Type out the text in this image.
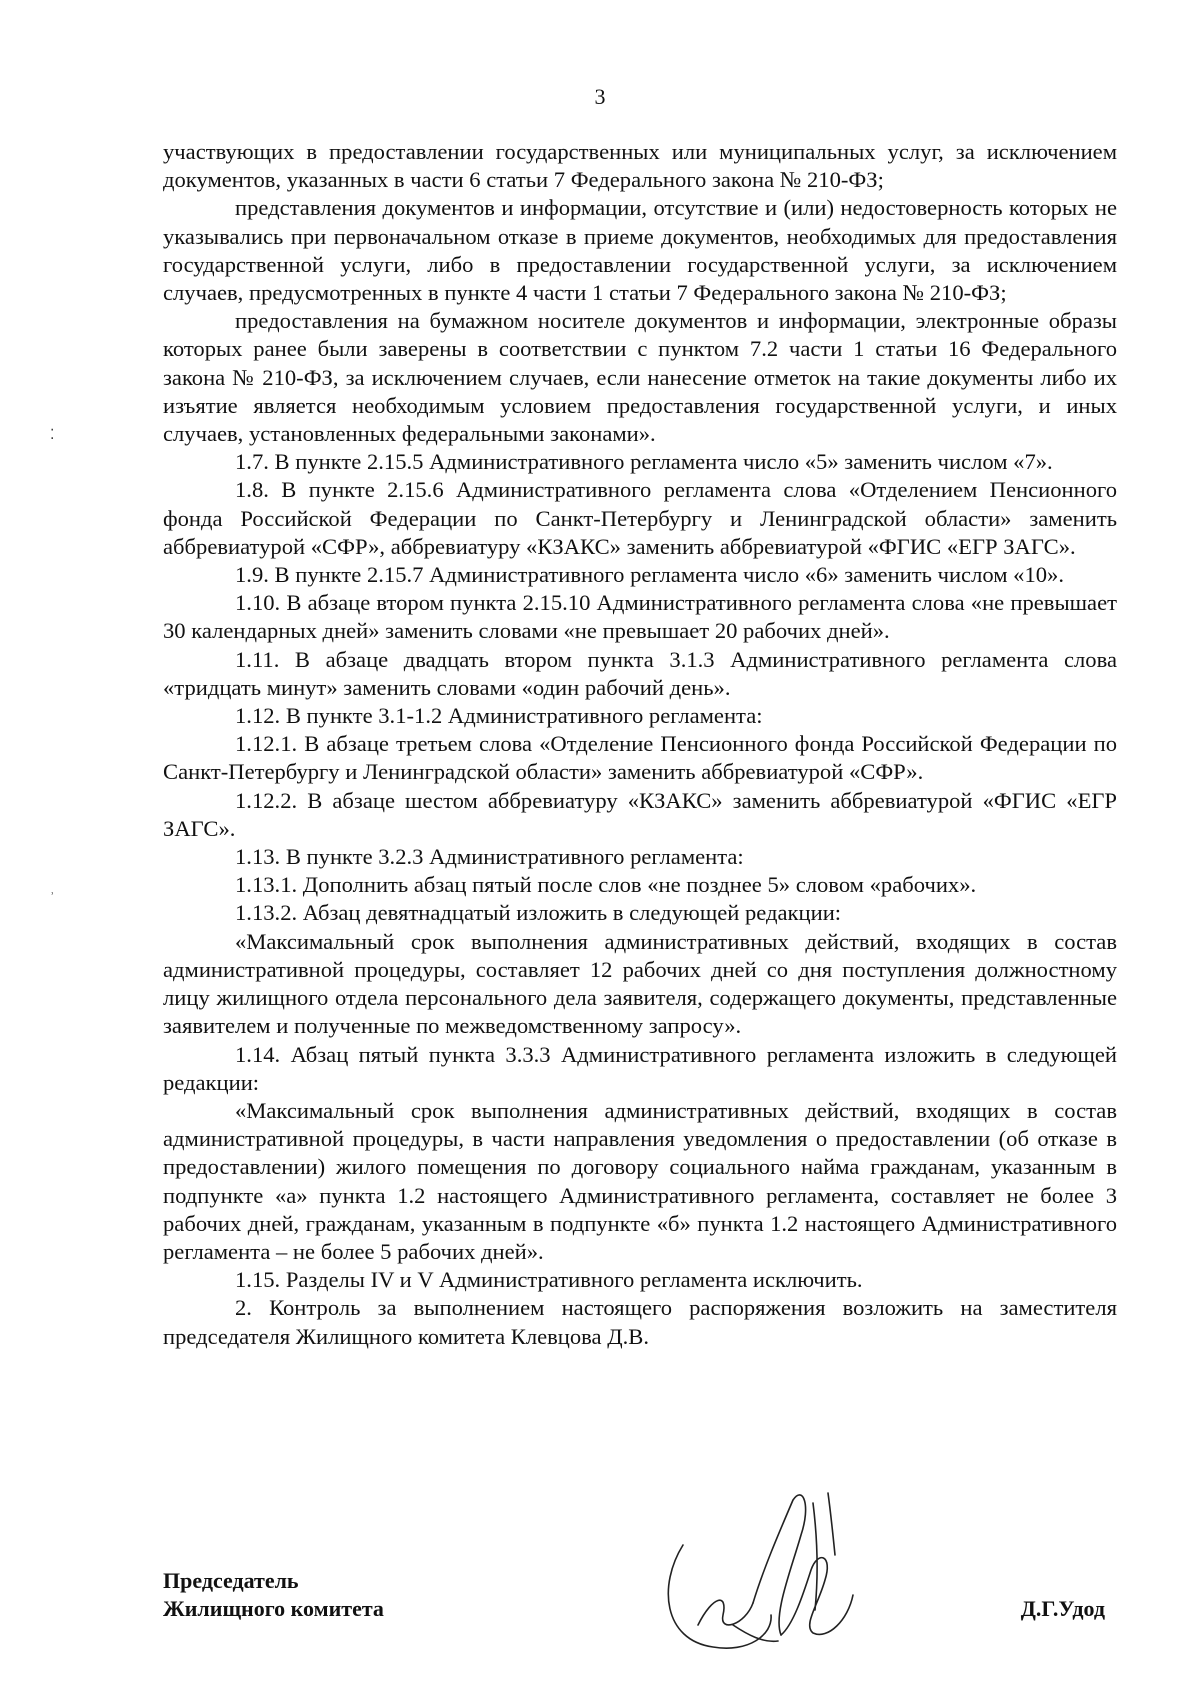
3
⁚
˒

участвующих в предоставлении государственных или муниципальных услуг, за исключением документов, указанных в части 6 статьи 7 Федерального закона № 210-ФЗ;

представления документов и информации, отсутствие и (или) недостоверность которых не указывались при первоначальном отказе в приеме документов, необходимых для предоставления государственной услуги, либо в предоставлении государственной услуги, за исключением случаев, предусмотренных в пункте 4 части 1 статьи 7 Федерального закона № 210-ФЗ;

предоставления на бумажном носителе документов и информации, электронные образы которых ранее были заверены в соответствии с пунктом 7.2 части 1 статьи 16 Федерального закона № 210-ФЗ, за исключением случаев, если нанесение отметок на такие документы либо их изъятие является необходимым условием предоставления государственной услуги, и иных случаев, установленных федеральными законами».

1.7. В пункте 2.15.5 Административного регламента число «5» заменить числом «7».

1.8. В пункте 2.15.6 Административного регламента слова «Отделением Пенсионного фонда Российской Федерации по Санкт-Петербургу и Ленинградской области» заменить аббревиатурой «СФР», аббревиатуру «КЗАКС» заменить аббревиатурой «ФГИС «ЕГР ЗАГС».

1.9. В пункте 2.15.7 Административного регламента число «6» заменить числом «10».

1.10. В абзаце втором пункта 2.15.10 Административного регламента слова «не превышает 30 календарных дней» заменить словами «не превышает 20 рабочих дней».

1.11. В абзаце двадцать втором пункта 3.1.3 Административного регламента слова «тридцать минут» заменить словами «один рабочий день».

1.12. В пункте 3.1-1.2 Административного регламента:

1.12.1. В абзаце третьем слова «Отделение Пенсионного фонда Российской Федерации по Санкт-Петербургу и Ленинградской области» заменить аббревиатурой «СФР».

1.12.2. В абзаце шестом аббревиатуру «КЗАКС» заменить аббревиатурой «ФГИС «ЕГР ЗАГС».

1.13. В пункте 3.2.3 Административного регламента:

1.13.1. Дополнить абзац пятый после слов «не позднее 5» словом «рабочих».

1.13.2. Абзац девятнадцатый изложить в следующей редакции:

«Максимальный срок выполнения административных действий, входящих в состав административной процедуры, составляет 12 рабочих дней со дня поступления должностному лицу жилищного отдела персонального дела заявителя, содержащего документы, представленные заявителем и полученные по межведомственному запросу».

1.14. Абзац пятый пункта 3.3.3 Административного регламента изложить в следующей редакции:

«Максимальный срок выполнения административных действий, входящих в состав административной процедуры, в части направления уведомления о предоставлении (об отказе в предоставлении) жилого помещения по договору социального найма гражданам, указанным в подпункте «а» пункта 1.2 настоящего Административного регламента, составляет не более 3 рабочих дней, гражданам, указанным в подпункте «б» пункта 1.2 настоящего Административного регламента – не более 5 рабочих дней».

1.15. Разделы IV и V Административного регламента исключить.

2. Контроль за выполнением настоящего распоряжения возложить на заместителя председателя Жилищного комитета Клевцова Д.В.

Председатель
Жилищного комитета	Д.Г.Удод
